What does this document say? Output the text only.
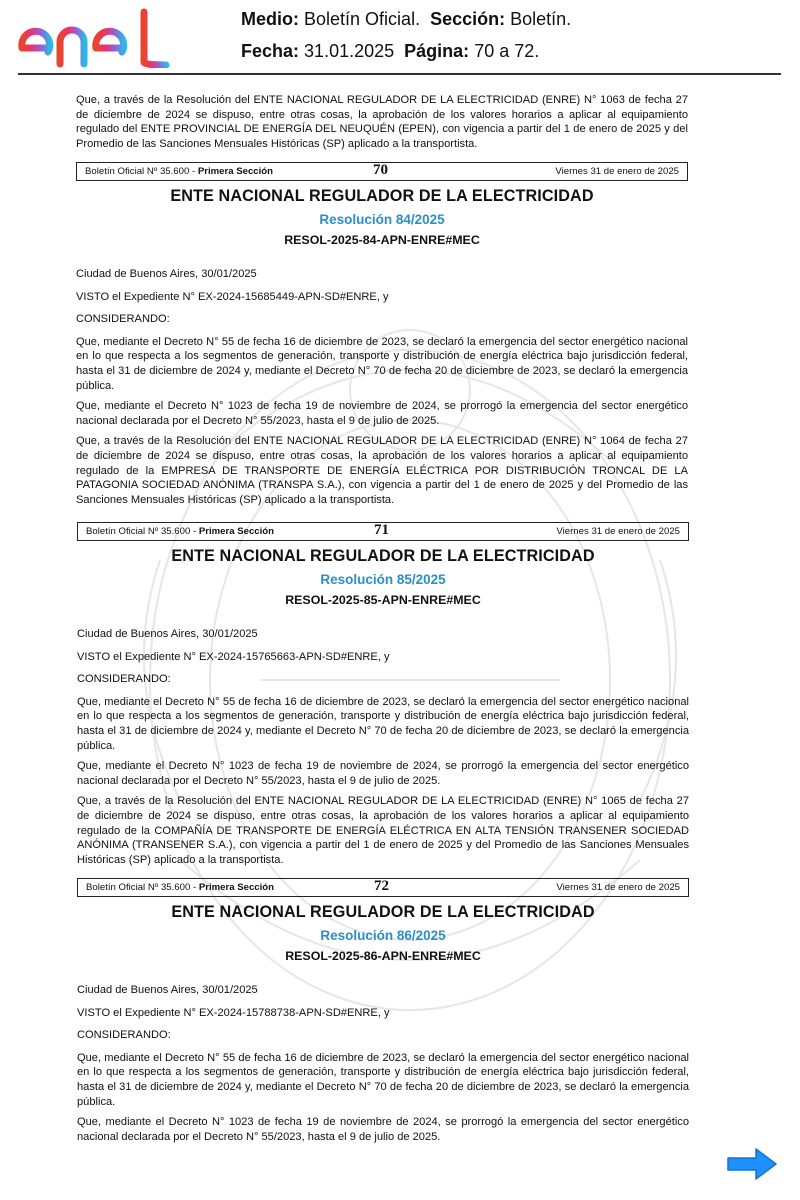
Medio: Boletín Oficial. Sección: Boletín.
Fecha: 31.01.2025 Página: 70 a 72.

Que, a través de la Resolución del ENTE NACIONAL REGULADOR DE LA ELECTRICIDAD (ENRE) N° 1063 de fecha 27 de diciembre de 2024 se dispuso, entre otras cosas, la aprobación de los valores horarios a aplicar al equipamiento regulado del ENTE PROVINCIAL DE ENERGÍA DEL NEUQUÉN (EPEN), con vigencia a partir del 1 de enero de 2025 y del Promedio de las Sanciones Mensuales Históricas (SP) aplicado a la transportista.

Boletín Oficial Nº 35.600 - Primera Sección	70	Viernes 31 de enero de 2025
ENTE NACIONAL REGULADOR DE LA ELECTRICIDAD
Resolución 84/2025
RESOL-2025-84-APN-ENRE#MEC

Ciudad de Buenos Aires, 30/01/2025

VISTO el Expediente N° EX-2024-15685449-APN-SD#ENRE, y

CONSIDERANDO:

Que, mediante el Decreto N° 55 de fecha 16 de diciembre de 2023, se declaró la emergencia del sector energético nacional en lo que respecta a los segmentos de generación, transporte y distribución de energía eléctrica bajo jurisdicción federal, hasta el 31 de diciembre de 2024 y, mediante el Decreto N° 70 de fecha 20 de diciembre de 2023, se declaró la emergencia pública.

Que, mediante el Decreto N° 1023 de fecha 19 de noviembre de 2024, se prorrogó la emergencia del sector energético nacional declarada por el Decreto N° 55/2023, hasta el 9 de julio de 2025.

Que, a través de la Resolución del ENTE NACIONAL REGULADOR DE LA ELECTRICIDAD (ENRE) N° 1064 de fecha 27 de diciembre de 2024 se dispuso, entre otras cosas, la aprobación de los valores horarios a aplicar al equipamiento regulado de la EMPRESA DE TRANSPORTE DE ENERGÍA ELÉCTRICA POR DISTRIBUCIÓN TRONCAL DE LA PATAGONIA SOCIEDAD ANÓNIMA (TRANSPA S.A.), con vigencia a partir del 1 de enero de 2025 y del Promedio de las Sanciones Mensuales Históricas (SP) aplicado a la transportista.

Boletín Oficial Nº 35.600 - Primera Sección	71	Viernes 31 de enero de 2025
ENTE NACIONAL REGULADOR DE LA ELECTRICIDAD
Resolución 85/2025
RESOL-2025-85-APN-ENRE#MEC

Ciudad de Buenos Aires, 30/01/2025

VISTO el Expediente N° EX-2024-15765663-APN-SD#ENRE, y

CONSIDERANDO:

Que, mediante el Decreto N° 55 de fecha 16 de diciembre de 2023, se declaró la emergencia del sector energético nacional en lo que respecta a los segmentos de generación, transporte y distribución de energía eléctrica bajo jurisdicción federal, hasta el 31 de diciembre de 2024 y, mediante el Decreto N° 70 de fecha 20 de diciembre de 2023, se declaró la emergencia pública.

Que, mediante el Decreto N° 1023 de fecha 19 de noviembre de 2024, se prorrogó la emergencia del sector energético nacional declarada por el Decreto N° 55/2023, hasta el 9 de julio de 2025.

Que, a través de la Resolución del ENTE NACIONAL REGULADOR DE LA ELECTRICIDAD (ENRE) N° 1065 de fecha 27 de diciembre de 2024 se dispuso, entre otras cosas, la aprobación de los valores horarios a aplicar al equipamiento regulado de la COMPAÑÍA DE TRANSPORTE DE ENERGÍA ELÉCTRICA EN ALTA TENSIÓN TRANSENER SOCIEDAD ANÓNIMA (TRANSENER S.A.), con vigencia a partir del 1 de enero de 2025 y del Promedio de las Sanciones Mensuales Históricas (SP) aplicado a la transportista.

Boletín Oficial Nº 35.600 - Primera Sección	72	Viernes 31 de enero de 2025
ENTE NACIONAL REGULADOR DE LA ELECTRICIDAD
Resolución 86/2025
RESOL-2025-86-APN-ENRE#MEC

Ciudad de Buenos Aires, 30/01/2025

VISTO el Expediente N° EX-2024-15788738-APN-SD#ENRE, y

CONSIDERANDO:

Que, mediante el Decreto N° 55 de fecha 16 de diciembre de 2023, se declaró la emergencia del sector energético nacional en lo que respecta a los segmentos de generación, transporte y distribución de energía eléctrica bajo jurisdicción federal, hasta el 31 de diciembre de 2024 y, mediante el Decreto N° 70 de fecha 20 de diciembre de 2023, se declaró la emergencia pública.

Que, mediante el Decreto N° 1023 de fecha 19 de noviembre de 2024, se prorrogó la emergencia del sector energético nacional declarada por el Decreto N° 55/2023, hasta el 9 de julio de 2025.
